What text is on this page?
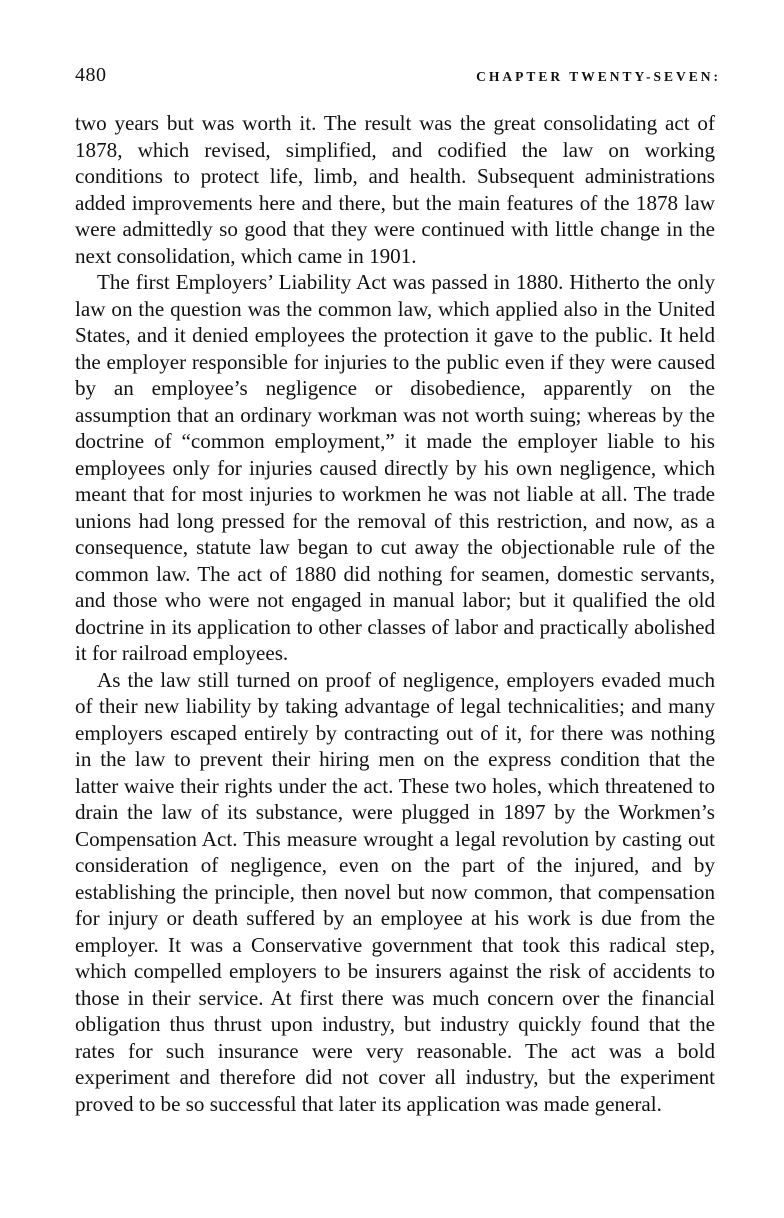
480	CHAPTER TWENTY-SEVEN:

two years but was worth it. The result was the great consolidating act of 1878, which revised, simplified, and codified the law on working conditions to protect life, limb, and health. Subsequent administrations added improvements here and there, but the main features of the 1878 law were admittedly so good that they were continued with little change in the next consolidation, which came in 1901.

The first Employers’ Liability Act was passed in 1880. Hitherto the only law on the question was the common law, which applied also in the United States, and it denied employees the protection it gave to the public. It held the employer responsible for injuries to the public even if they were caused by an employee’s negligence or disobedience, apparently on the assumption that an ordinary workman was not worth suing; whereas by the doctrine of “common employment,” it made the employer liable to his employees only for injuries caused directly by his own negligence, which meant that for most injuries to workmen he was not liable at all. The trade unions had long pressed for the removal of this restriction, and now, as a consequence, statute law began to cut away the objectionable rule of the common law. The act of 1880 did nothing for seamen, domestic servants, and those who were not engaged in manual labor; but it qualified the old doctrine in its application to other classes of labor and practically abolished it for railroad employees.

As the law still turned on proof of negligence, employers evaded much of their new liability by taking advantage of legal technicalities; and many employers escaped entirely by contracting out of it, for there was nothing in the law to prevent their hiring men on the express condition that the latter waive their rights under the act. These two holes, which threatened to drain the law of its substance, were plugged in 1897 by the Workmen’s Compensation Act. This measure wrought a legal revolution by casting out consideration of negligence, even on the part of the injured, and by establishing the principle, then novel but now common, that compensation for injury or death suffered by an employee at his work is due from the employer. It was a Conservative government that took this radical step, which compelled employers to be insurers against the risk of accidents to those in their service. At first there was much concern over the financial obligation thus thrust upon industry, but industry quickly found that the rates for such insurance were very reasonable. The act was a bold experiment and therefore did not cover all industry, but the experiment proved to be so successful that later its application was made general.
